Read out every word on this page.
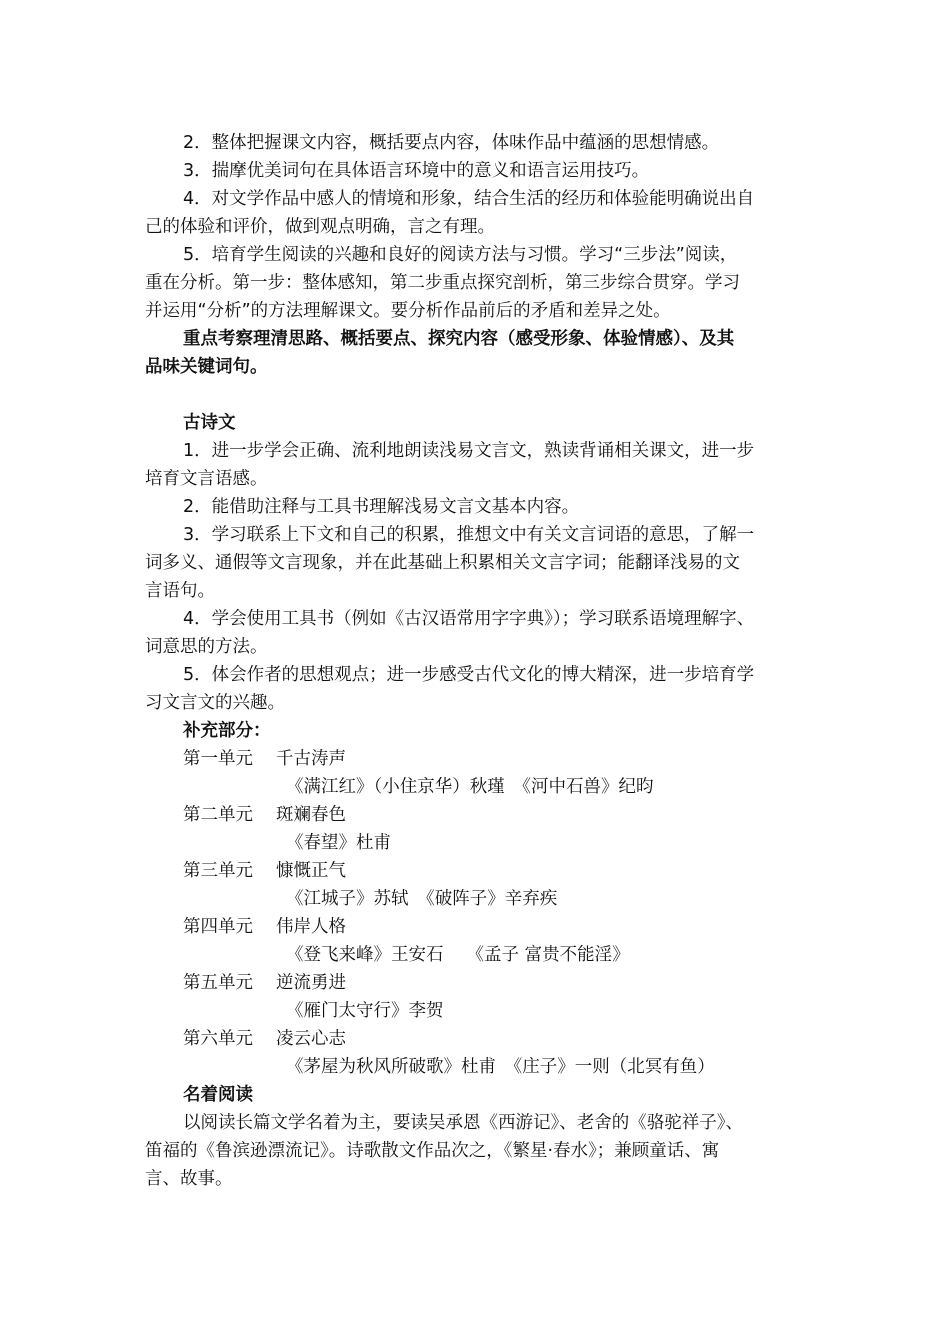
2．整体把握课文内容，概括要点内容，体味作品中蕴涵的思想情感。
3．揣摩优美词句在具体语言环境中的意义和语言运用技巧。
4．对文学作品中感人的情境和形象，结合生活的经历和体验能明确说出自
己的体验和评价，做到观点明确，言之有理。
5．培育学生阅读的兴趣和良好的阅读方法与习惯。学习“三步法”阅读，
重在分析。第一步：整体感知，第二步重点探究剖析，第三步综合贯穿。学习
并运用“分析”的方法理解课文。要分析作品前后的矛盾和差异之处。
重点考察理清思路、概括要点、探究内容（感受形象、体验情感）、及其
品味关键词句。
古诗文
1．进一步学会正确、流利地朗读浅易文言文，熟读背诵相关课文，进一步
培育文言语感。
2．能借助注释与工具书理解浅易文言文基本内容。
3．学习联系上下文和自己的积累，推想文中有关文言词语的意思，了解一
词多义、通假等文言现象，并在此基础上积累相关文言字词；能翻译浅易的文
言语句。
4．学会使用工具书（例如《古汉语常用字字典》）；学习联系语境理解字、
词意思的方法。
5．体会作者的思想观点；进一步感受古代文化的博大精深，进一步培育学
习文言文的兴趣。
补充部分：
第一单元 千古涛声
《满江红》（小住京华）秋瑾　《河中石兽》纪昀
第二单元 斑斓春色
《春望》杜甫
第三单元 慷慨正气
《江城子》苏轼　《破阵子》辛弃疾
第四单元 伟岸人格
《登飞来峰》王安石　 《孟子 富贵不能淫》
第五单元 逆流勇进
《雁门太守行》李贺
第六单元 凌云心志
《茅屋为秋风所破歌》杜甫　《庄子》一则（北冥有鱼）
名着阅读
以阅读长篇文学名着为主，要读吴承恩《西游记》、老舍的《骆驼祥子》、
笛福的《鲁滨逊漂流记》。诗歌散文作品次之，《繁星·春水》；兼顾童话、寓
言、故事。
